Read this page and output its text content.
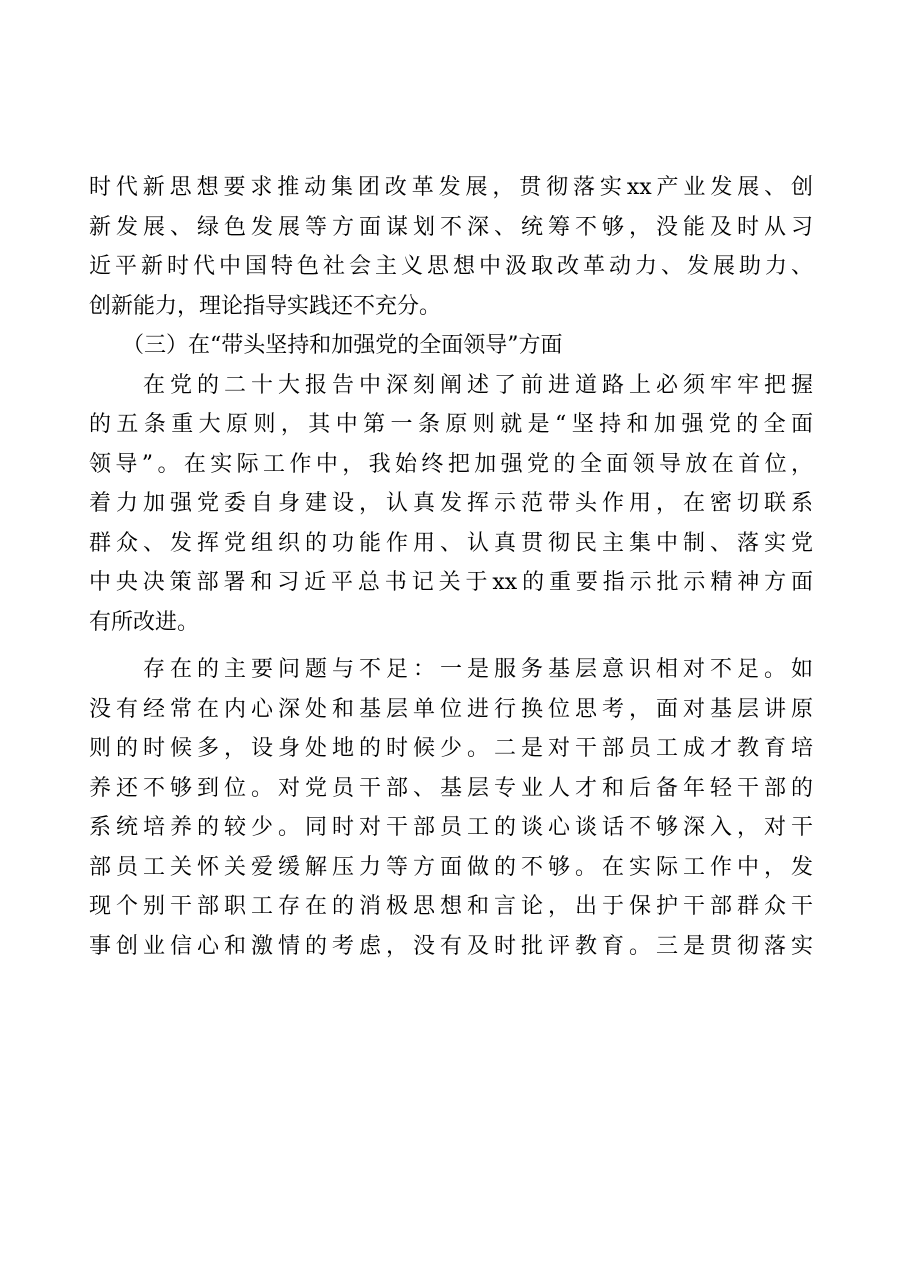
时代新思想要求推动集团改革发展，贯彻落实xx产业发展、创
新发展、绿色发展等方面谋划不深、统筹不够，没能及时从习
近平新时代中国特色社会主义思想中汲取改革动力、发展助力、
创新能力，理论指导实践还不充分。
　　（三）在“带头坚持和加强党的全面领导”方面
　　在党的二十大报告中深刻阐述了前进道路上必须牢牢把握
的五条重大原则，其中第一条原则就是“坚持和加强党的全面
领导”。在实际工作中，我始终把加强党的全面领导放在首位，
着力加强党委自身建设，认真发挥示范带头作用，在密切联系
群众、发挥党组织的功能作用、认真贯彻民主集中制、落实党
中央决策部署和习近平总书记关于xx的重要指示批示精神方面
有所改进。
　　存在的主要问题与不足：一是服务基层意识相对不足。如
没有经常在内心深处和基层单位进行换位思考，面对基层讲原
则的时候多，设身处地的时候少。二是对干部员工成才教育培
养还不够到位。对党员干部、基层专业人才和后备年轻干部的
系统培养的较少。同时对干部员工的谈心谈话不够深入，对干
部员工关怀关爱缓解压力等方面做的不够。在实际工作中，发
现个别干部职工存在的消极思想和言论，出于保护干部群众干
事创业信心和激情的考虑，没有及时批评教育。三是贯彻落实
